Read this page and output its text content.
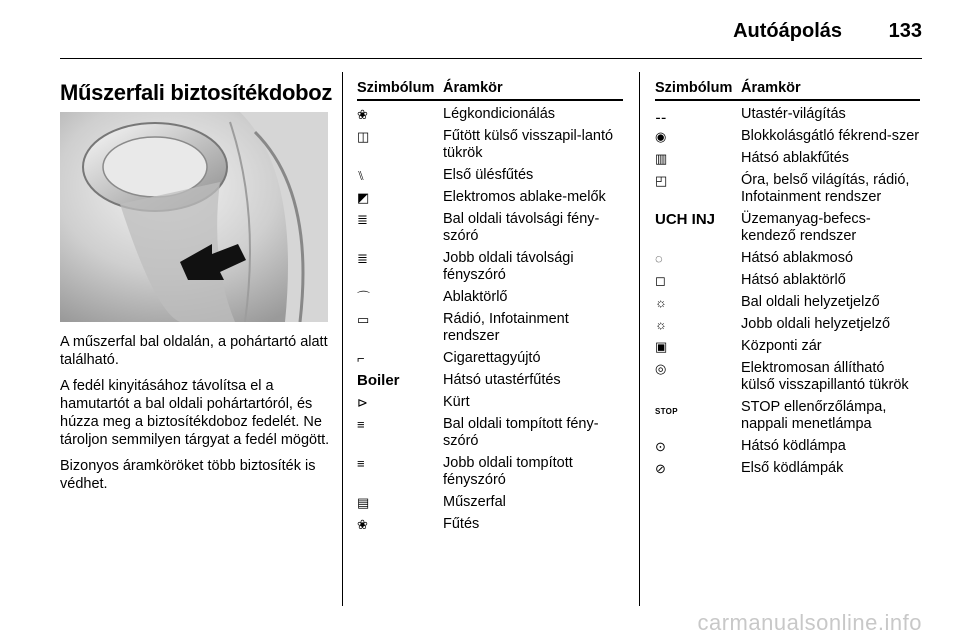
Autóápolás 133
Műszerfali biztosítékdoboz

A műszerfal bal oldalán, a pohártartó alatt található.

A fedél kinyitásához távolítsa el a hamutartót a bal oldali pohártartóról, és húzza meg a biztosítékdoboz fedelét. Ne tároljon semmilyen tárgyat a fedél mögött.

Bizonyos áramköröket több biztosíték is védhet.

Szimbólum Áramkör
❀	Légkondicionálás
◫	Fűtött külső visszapil-lantó tükrök
⑊	Első ülésfűtés
◩	Elektromos ablake-melők
≣	Bal oldali távolsági fény-szóró
≣	Jobb oldali távolsági fényszóró
⌒	Ablaktörlő
▭	Rádió, Infotainment rendszer
⌐	Cigarettagyújtó
Boiler	Hátsó utastérfűtés
⊳	Kürt
≡	Bal oldali tompított fény-szóró
≡	Jobb oldali tompított fényszóró
▤	Műszerfal
❀	Fűtés
Szimbólum Áramkör
⚋	Utastér-világítás
◉	Blokkolásgátló fékrend-szer
▥	Hátsó ablakfűtés
◰	Óra, belső világítás, rádió, Infotainment rendszer
UCH INJ	Üzemanyag-befecs-kendező rendszer
◌	Hátsó ablakmosó
◻	Hátsó ablaktörlő
☼	Bal oldali helyzetjelző
☼	Jobb oldali helyzetjelző
▣	Központi zár
◎	Elektromosan állítható külső visszapillantó tükrök
STOP	STOP ellenőrzőlámpa, nappali menetlámpa
⊙	Hátsó ködlámpa
⊘	Első ködlámpák
carmanualsonline.info
